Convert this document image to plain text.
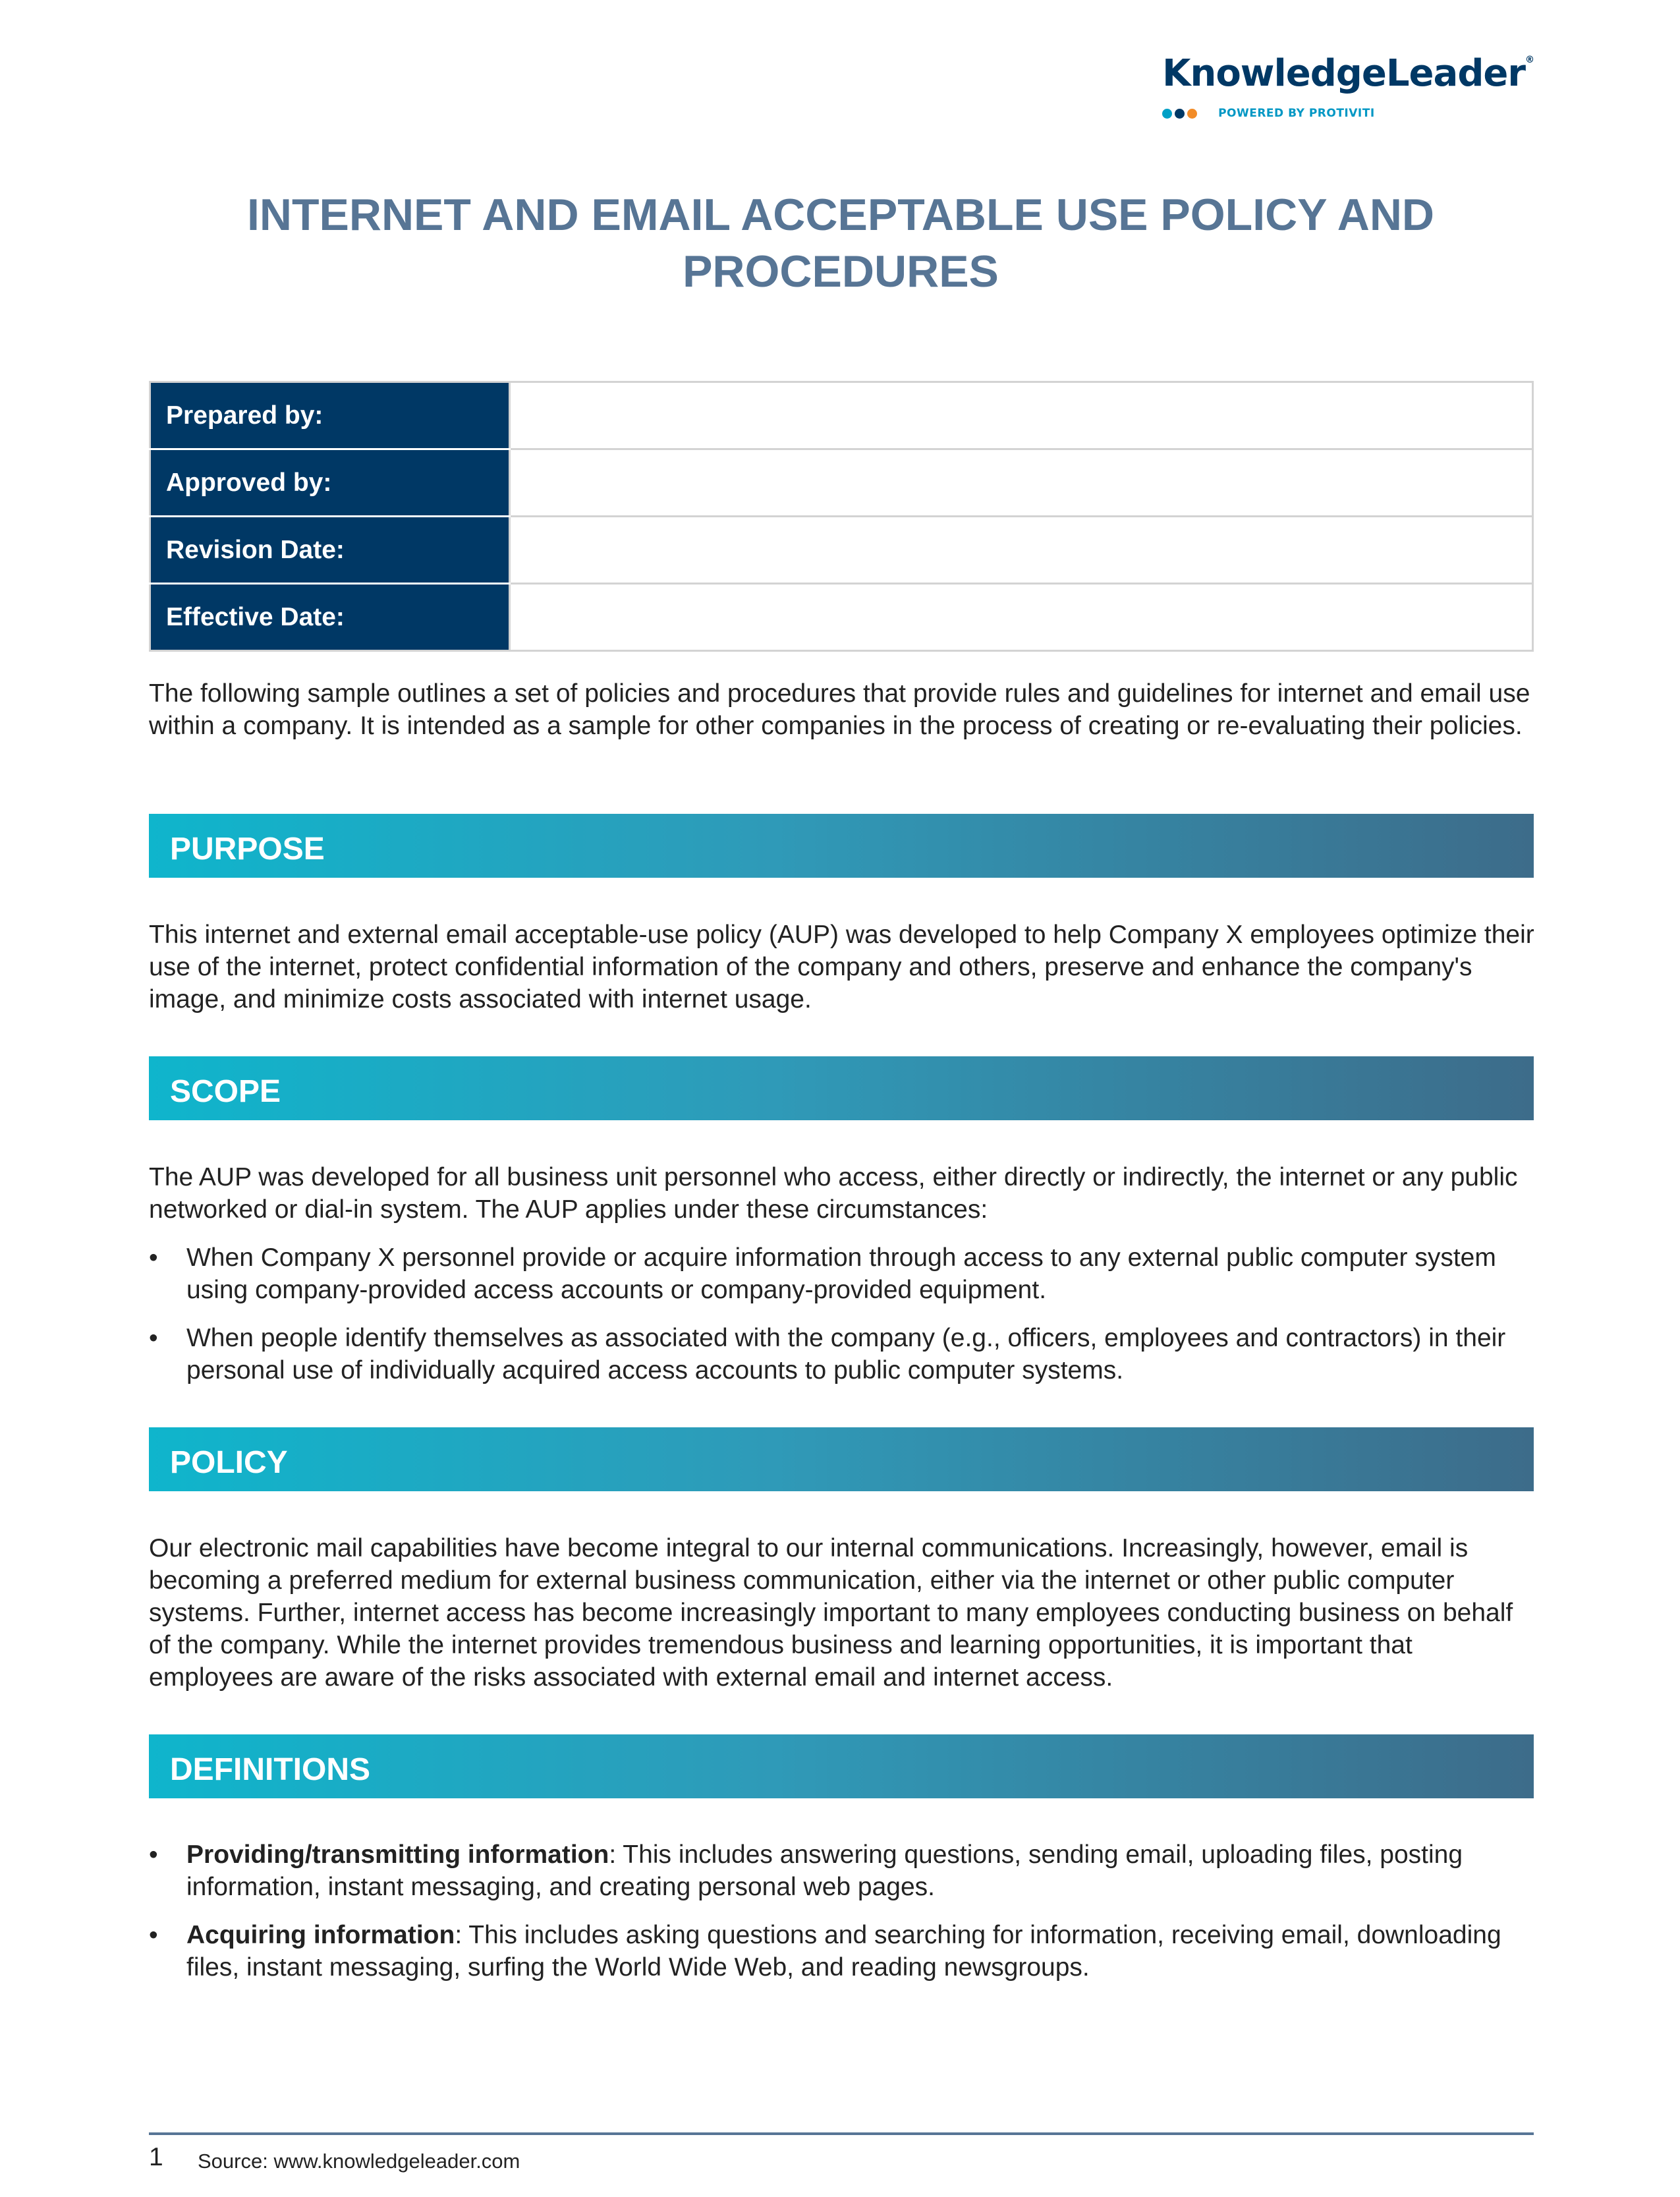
KnowledgeLeader®
POWERED BY PROTIVITI
INTERNET AND EMAIL ACCEPTABLE USE POLICY AND PROCEDURES
Prepared by:	
Approved by:	
Revision Date:	
Effective Date:	
The following sample outlines a set of policies and procedures that provide rules and guidelines for internet and email use within a company. It is intended as a sample for other companies in the process of creating or re-evaluating their policies.
PURPOSE
This internet and external email acceptable-use policy (AUP) was developed to help Company X employees optimize their use of the internet, protect confidential information of the company and others, preserve and enhance the company's image, and minimize costs associated with internet usage.
SCOPE
The AUP was developed for all business unit personnel who access, either directly or indirectly, the internet or any public networked or dial-in system. The AUP applies under these circumstances:
• When Company X personnel provide or acquire information through access to any external public computer system using company-provided access accounts or company-provided equipment.
• When people identify themselves as associated with the company (e.g., officers, employees and contractors) in their personal use of individually acquired access accounts to public computer systems.
POLICY
Our electronic mail capabilities have become integral to our internal communications. Increasingly, however, email is becoming a preferred medium for external business communication, either via the internet or other public computer systems. Further, internet access has become increasingly important to many employees conducting business on behalf of the company. While the internet provides tremendous business and learning opportunities, it is important that employees are aware of the risks associated with external email and internet access.
DEFINITIONS
• Providing/transmitting information: This includes answering questions, sending email, uploading files, posting information, instant messaging, and creating personal web pages.
• Acquiring information: This includes asking questions and searching for information, receiving email, downloading files, instant messaging, surfing the World Wide Web, and reading newsgroups.
1 Source: www.knowledgeleader.com
